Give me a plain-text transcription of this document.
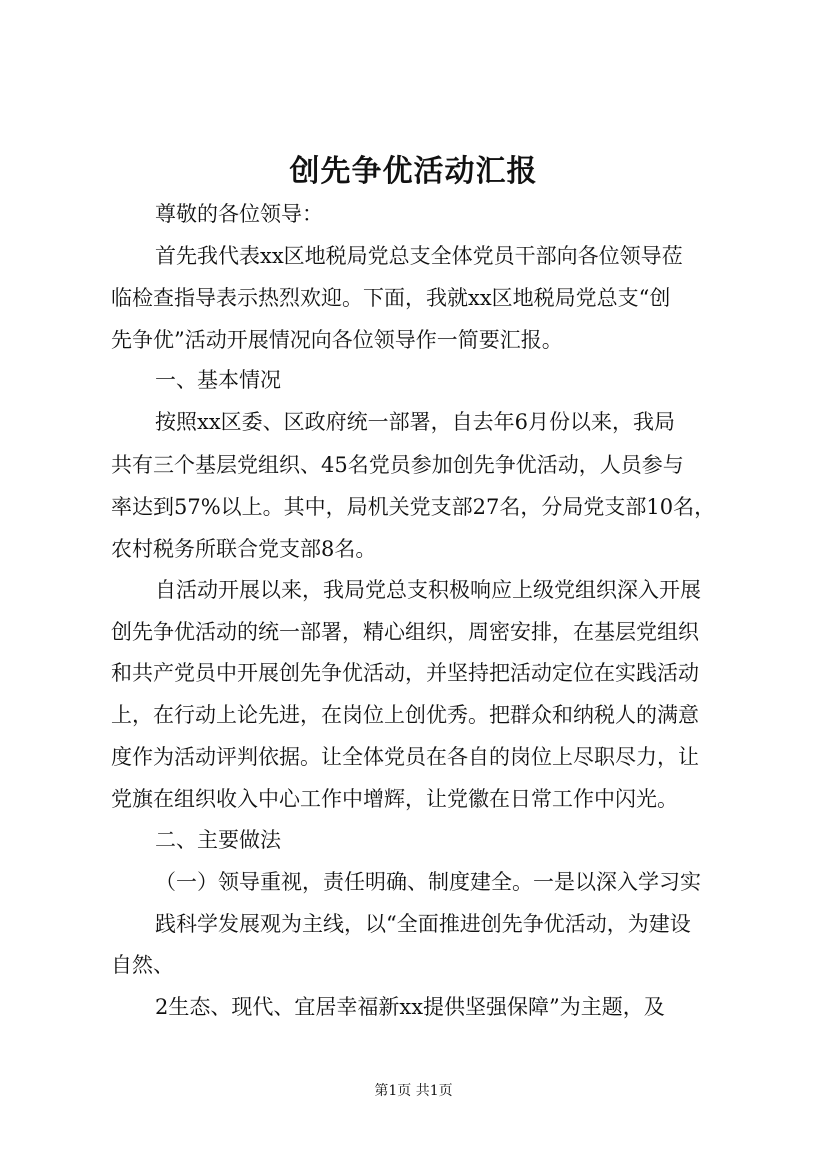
创先争优活动汇报
尊敬的各位领导：
首先我代表xx区地税局党总支全体党员干部向各位领导莅
临检查指导表示热烈欢迎。下面，我就xx区地税局党总支“创
先争优”活动开展情况向各位领导作一简要汇报。
一、基本情况
按照xx区委、区政府统一部署，自去年6月份以来，我局
共有三个基层党组织、45名党员参加创先争优活动，人员参与
率达到57%以上。其中，局机关党支部27名，分局党支部10名，
农村税务所联合党支部8名。
自活动开展以来，我局党总支积极响应上级党组织深入开展
创先争优活动的统一部署，精心组织，周密安排，在基层党组织
和共产党员中开展创先争优活动，并坚持把活动定位在实践活动
上，在行动上论先进，在岗位上创优秀。把群众和纳税人的满意
度作为活动评判依据。让全体党员在各自的岗位上尽职尽力，让
党旗在组织收入中心工作中增辉，让党徽在日常工作中闪光。
二、主要做法
（一）领导重视，责任明确、制度建全。一是以深入学习实
践科学发展观为主线，以“全面推进创先争优活动，为建设
自然、
2生态、现代、宜居幸福新xx提供坚强保障”为主题，及
第1页 共1页
